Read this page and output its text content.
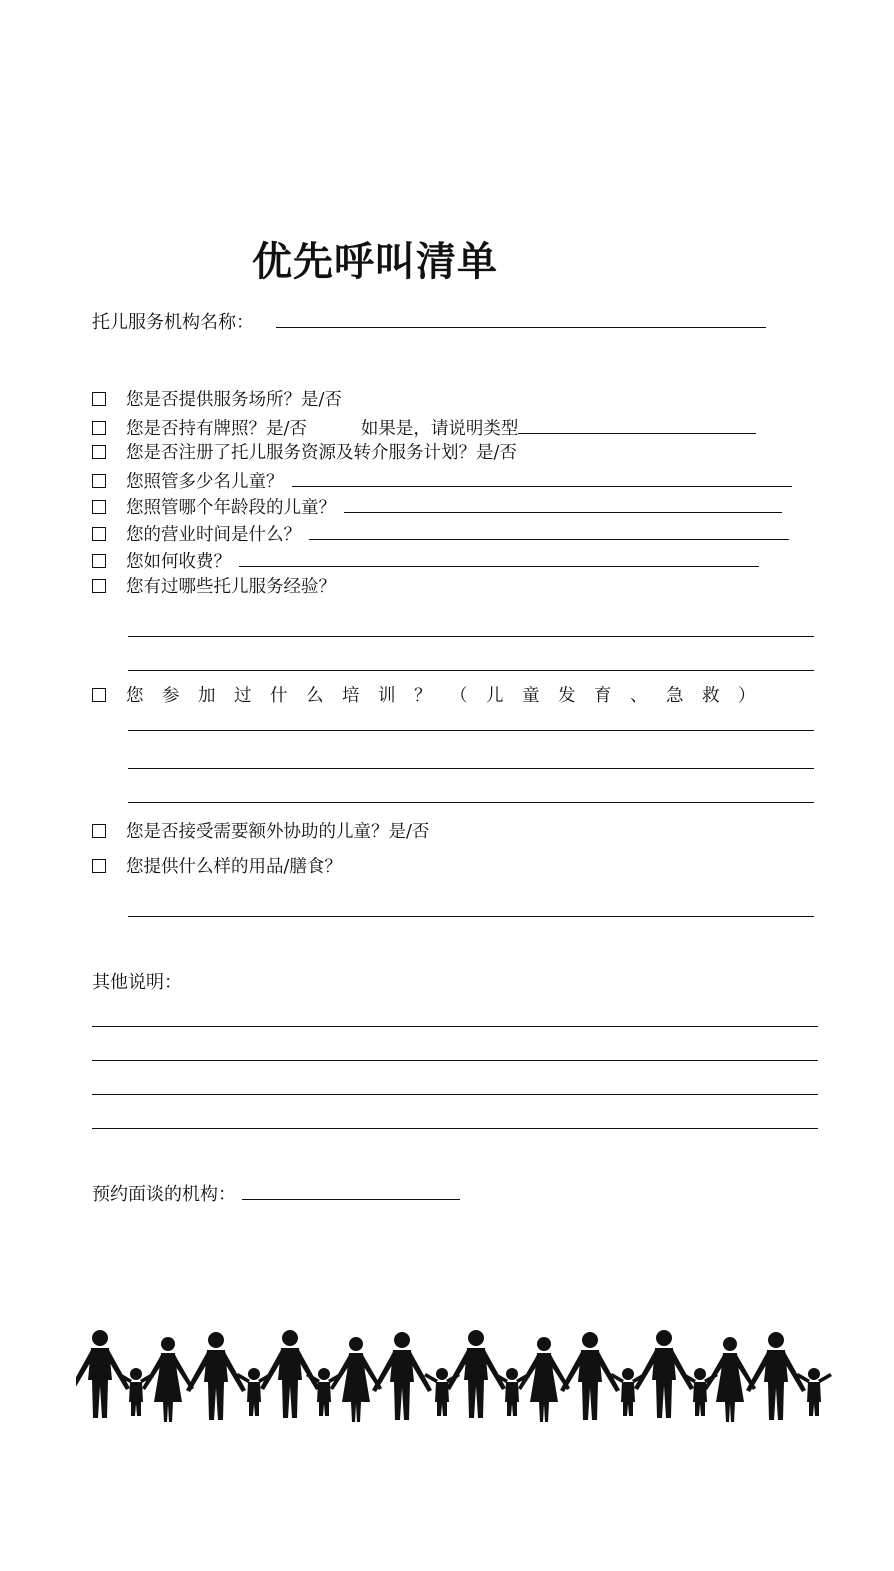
优先呼叫清单
托儿服务机构名称：
您是否提供服务场所？是/否
您是否持有牌照？是/否	如果是，请说明类型
您是否注册了托儿服务资源及转介服务计划？是/否
您照管多少名儿童？
您照管哪个年龄段的儿童？
您的营业时间是什么？
您如何收费？
您有过哪些托儿服务经验？
您参加过什么培训？（儿童发育、急救）
您是否接受需要额外协助的儿童？是/否
您提供什么样的用品/膳食？
其他说明：
预约面谈的机构：
